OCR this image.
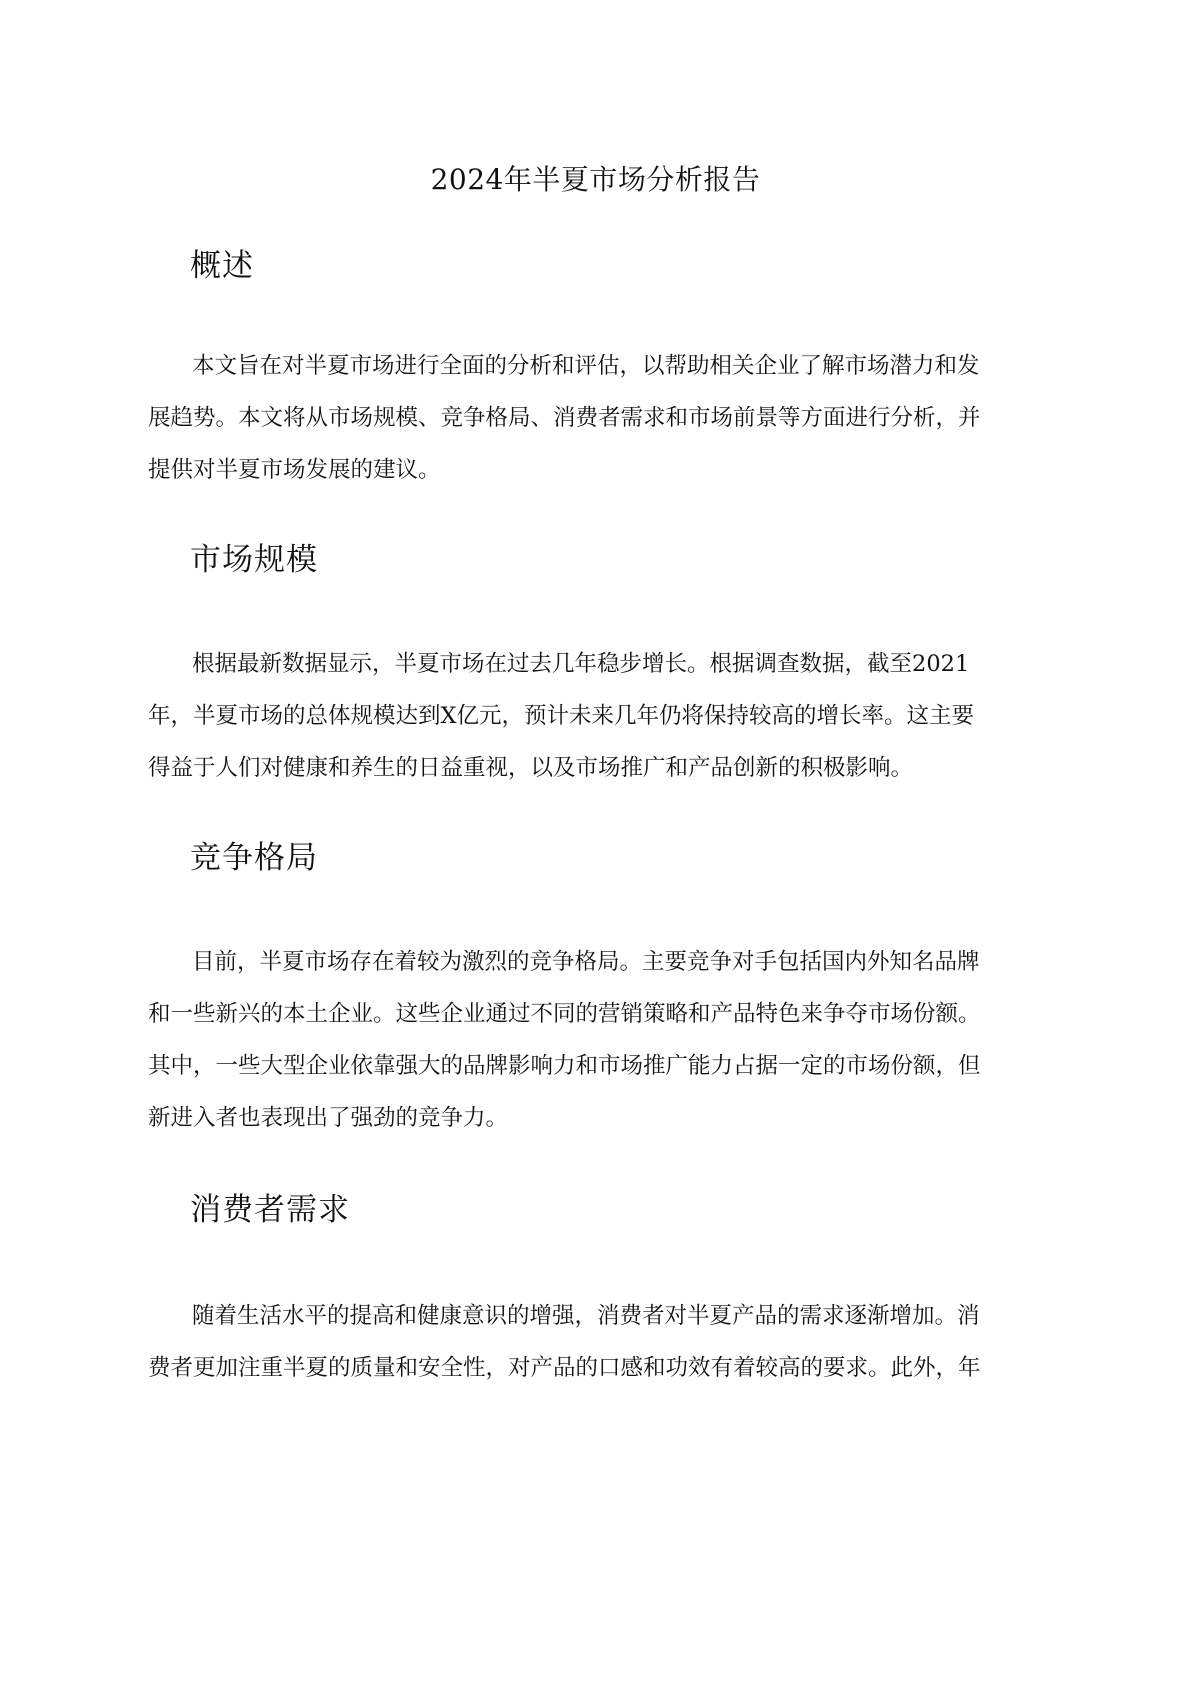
2024年半夏市场分析报告
概述
本文旨在对半夏市场进行全面的分析和评估，以帮助相关企业了解市场潜力和发
展趋势。本文将从市场规模、竞争格局、消费者需求和市场前景等方面进行分析，并
提供对半夏市场发展的建议。
市场规模
根据最新数据显示，半夏市场在过去几年稳步增长。根据调查数据，截至2021
年，半夏市场的总体规模达到X亿元，预计未来几年仍将保持较高的增长率。这主要
得益于人们对健康和养生的日益重视，以及市场推广和产品创新的积极影响。
竞争格局
目前，半夏市场存在着较为激烈的竞争格局。主要竞争对手包括国内外知名品牌
和一些新兴的本土企业。这些企业通过不同的营销策略和产品特色来争夺市场份额。
其中，一些大型企业依靠强大的品牌影响力和市场推广能力占据一定的市场份额，但
新进入者也表现出了强劲的竞争力。
消费者需求
随着生活水平的提高和健康意识的增强，消费者对半夏产品的需求逐渐增加。消
费者更加注重半夏的质量和安全性，对产品的口感和功效有着较高的要求。此外，年
